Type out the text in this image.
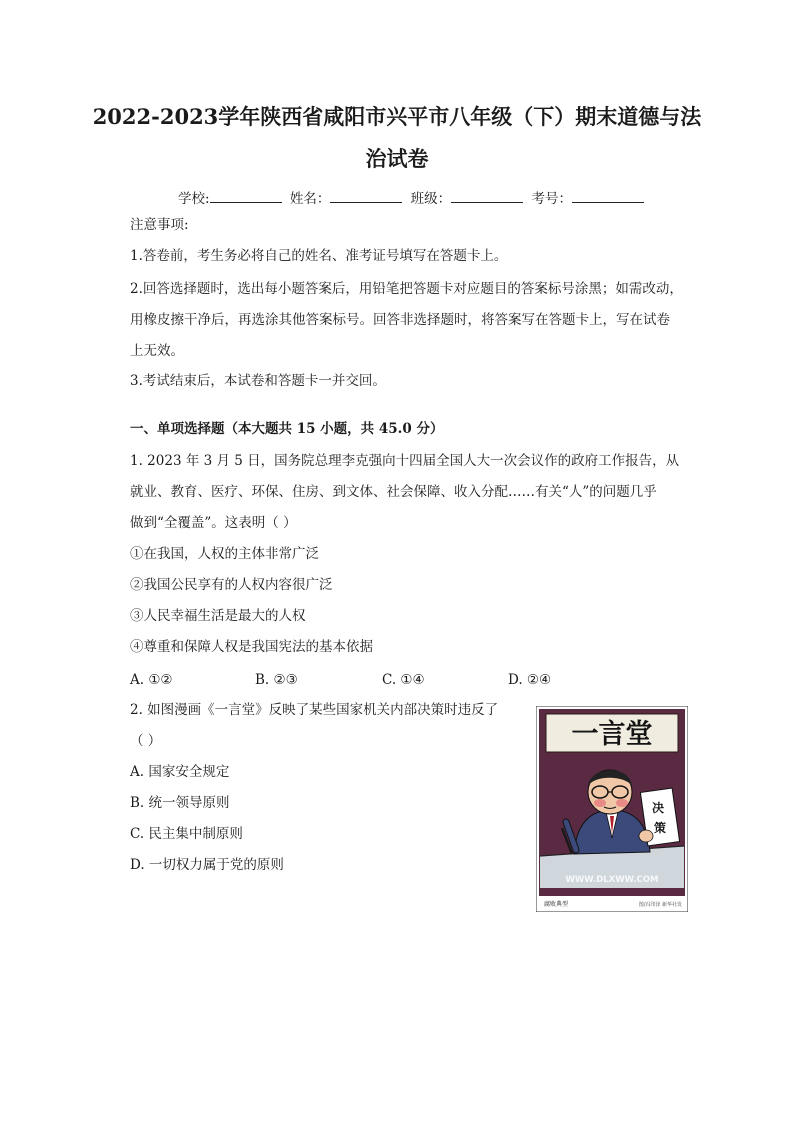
2022-2023学年陕西省咸阳市兴平市八年级（下）期末道德与法
治试卷
学校:	姓名：	班级：	考号：
注意事项:
1.答卷前，考生务必将自己的姓名、准考证号填写在答题卡上。
2.回答选择题时，选出每小题答案后，用铅笔把答题卡对应题目的答案标号涂黑；如需改动，
用橡皮擦干净后，再选涂其他答案标号。回答非选择题时，将答案写在答题卡上，写在试卷
上无效。
3.考试结束后，本试卷和答题卡一并交回。
一、单项选择题（本大题共 15 小题，共 45.0 分）
1. 2023 年 3 月 5 日，国务院总理李克强向十四届全国人大一次会议作的政府工作报告，从
就业、教育、医疗、环保、住房、到文体、社会保障、收入分配……有关“人”的问题几乎
做到“全覆盖”。这表明（ ）
①在我国，人权的主体非常广泛
②我国公民享有的人权内容很广泛
③人民幸福生活是最大的人权
④尊重和保障人权是我国宪法的基本依据
A. ①②	B. ②③	C. ①④	D. ②④
2. 如图漫画《一言堂》反映了某些国家机关内部决策时违反了
（ ）
A. 国家安全规定
B. 统一领导原则
C. 民主集中制原则
D. 一切权力属于党的原则
一言堂
决
策
WWW.DLXWW.COM
腐败典型	图/冯印泽 新华社发
